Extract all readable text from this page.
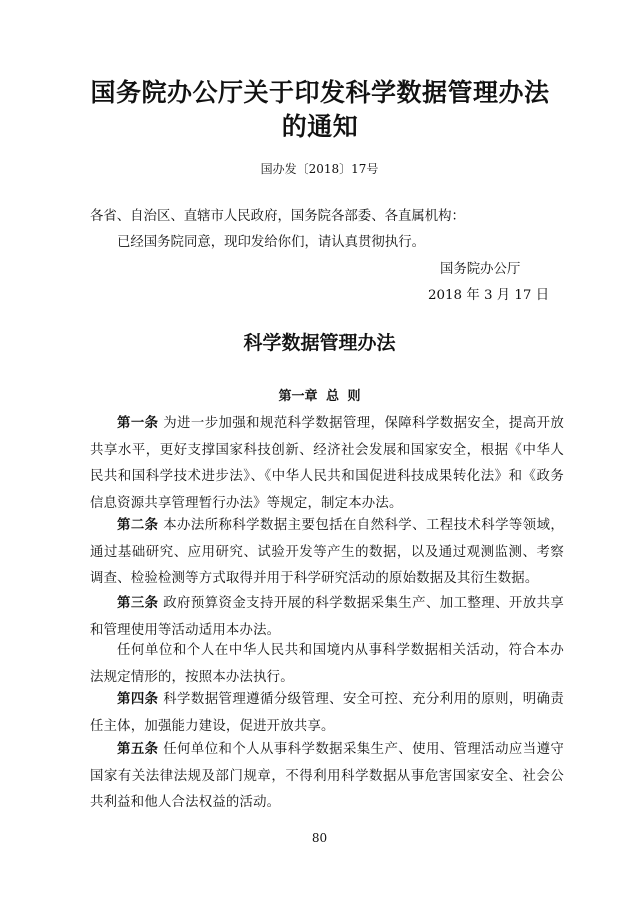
国务院办公厅关于印发科学数据管理办法的通知
国办发〔2018〕17号
各省、自治区、直辖市人民政府，国务院各部委、各直属机构：
已经国务院同意，现印发给你们，请认真贯彻执行。
国务院办公厅
2018 年 3 月 17 日
科学数据管理办法
第一章 总 则
第一条 为进一步加强和规范科学数据管理，保障科学数据安全，提高开放共享水平，更好支撑国家科技创新、经济社会发展和国家安全，根据《中华人民共和国科学技术进步法》、《中华人民共和国促进科技成果转化法》和《政务信息资源共享管理暂行办法》等规定，制定本办法。
第二条 本办法所称科学数据主要包括在自然科学、工程技术科学等领域，通过基础研究、应用研究、试验开发等产生的数据，以及通过观测监测、考察调查、检验检测等方式取得并用于科学研究活动的原始数据及其衍生数据。
第三条 政府预算资金支持开展的科学数据采集生产、加工整理、开放共享和管理使用等活动适用本办法。
任何单位和个人在中华人民共和国境内从事科学数据相关活动，符合本办法规定情形的，按照本办法执行。
第四条 科学数据管理遵循分级管理、安全可控、充分利用的原则，明确责任主体，加强能力建设，促进开放共享。
第五条 任何单位和个人从事科学数据采集生产、使用、管理活动应当遵守国家有关法律法规及部门规章，不得利用科学数据从事危害国家安全、社会公共利益和他人合法权益的活动。
80
